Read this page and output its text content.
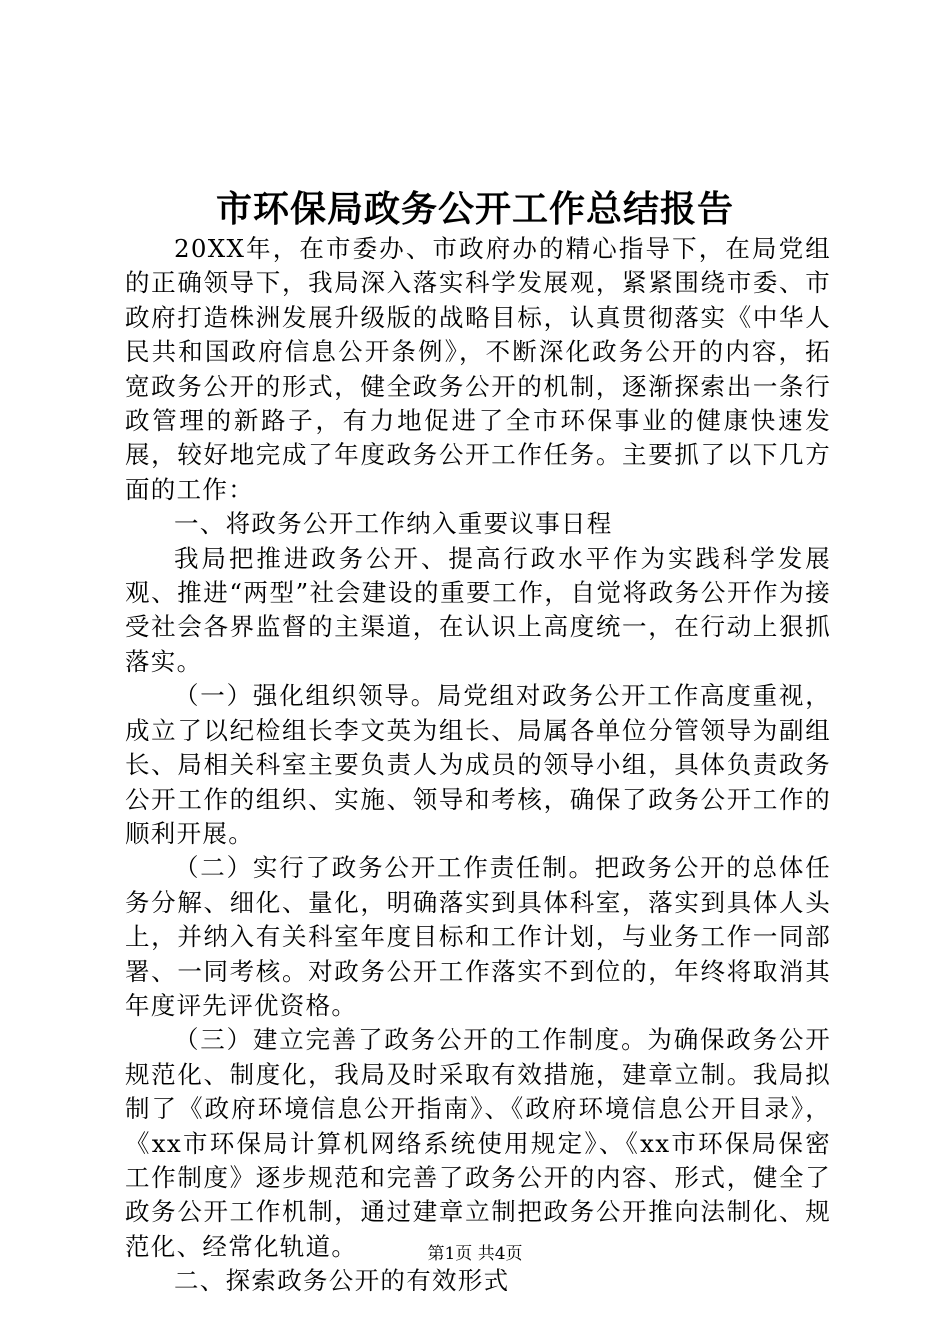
市环保局政务公开工作总结报告

20XX年，在市委办、市政府办的精心指导下，在局党组的正确领导下，我局深入落实科学发展观，紧紧围绕市委、市政府打造株洲发展升级版的战略目标，认真贯彻落实《中华人民共和国政府信息公开条例》，不断深化政务公开的内容，拓宽政务公开的形式，健全政务公开的机制，逐渐探索出一条行政管理的新路子，有力地促进了全市环保事业的健康快速发展，较好地完成了年度政务公开工作任务。主要抓了以下几方面的工作：

一、将政务公开工作纳入重要议事日程

我局把推进政务公开、提高行政水平作为实践科学发展观、推进“两型”社会建设的重要工作，自觉将政务公开作为接受社会各界监督的主渠道，在认识上高度统一，在行动上狠抓落实。

（一）强化组织领导。局党组对政务公开工作高度重视，成立了以纪检组长李文英为组长、局属各单位分管领导为副组长、局相关科室主要负责人为成员的领导小组，具体负责政务公开工作的组织、实施、领导和考核，确保了政务公开工作的顺利开展。

（二）实行了政务公开工作责任制。把政务公开的总体任务分解、细化、量化，明确落实到具体科室，落实到具体人头上，并纳入有关科室年度目标和工作计划，与业务工作一同部署、一同考核。对政务公开工作落实不到位的，年终将取消其年度评先评优资格。

（三）建立完善了政务公开的工作制度。为确保政务公开规范化、制度化，我局及时采取有效措施，建章立制。我局拟制了《政府环境信息公开指南》、《政府环境信息公开目录》，《xx市环保局计算机网络系统使用规定》、《xx市环保局保密工作制度》逐步规范和完善了政务公开的内容、形式，健全了政务公开工作机制，通过建章立制把政务公开推向法制化、规范化、经常化轨道。

二、探索政务公开的有效形式

第1页 共4页
